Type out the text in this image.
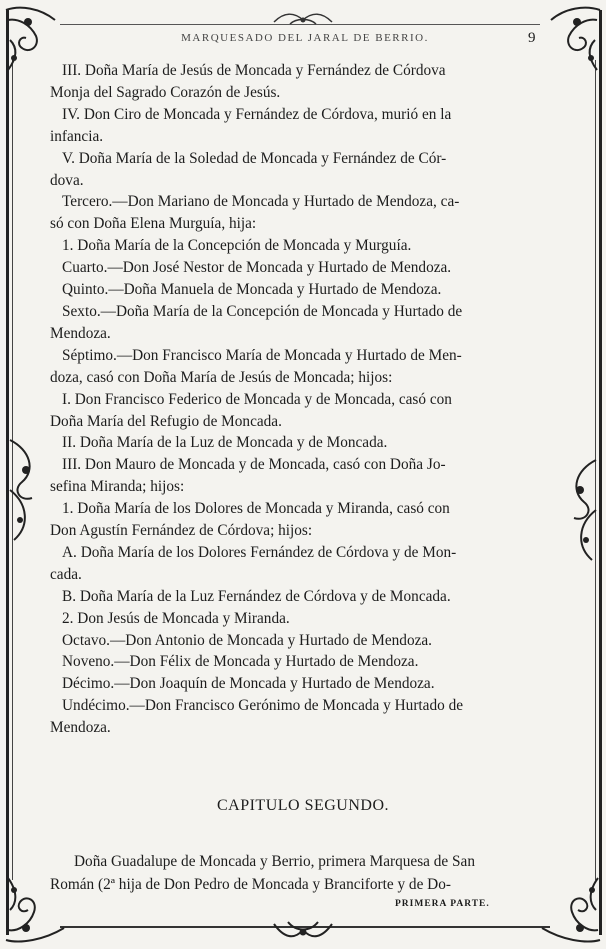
MARQUESADO DEL JARAL DE BERRIO.	9

III. Doña María de Jesús de Moncada y Fernández de Córdova

Monja del Sagrado Corazón de Jesús.

IV. Don Ciro de Moncada y Fernández de Córdova, murió en la

infancia.

V. Doña María de la Soledad de Moncada y Fernández de Cór-

dova.

Tercero.—Don Mariano de Moncada y Hurtado de Mendoza, ca-

só con Doña Elena Murguía, hija:

1. Doña María de la Concepción de Moncada y Murguía.

Cuarto.—Don José Nestor de Moncada y Hurtado de Mendoza.

Quinto.—Doña Manuela de Moncada y Hurtado de Mendoza.

Sexto.—Doña María de la Concepción de Moncada y Hurtado de

Mendoza.

Séptimo.—Don Francisco María de Moncada y Hurtado de Men-

doza, casó con Doña María de Jesús de Moncada; hijos:

I. Don Francisco Federico de Moncada y de Moncada, casó con

Doña María del Refugio de Moncada.

II. Doña María de la Luz de Moncada y de Moncada.

III. Don Mauro de Moncada y de Moncada, casó con Doña Jo-

sefina Miranda; hijos:

1. Doña María de los Dolores de Moncada y Miranda, casó con

Don Agustín Fernández de Córdova; hijos:

A. Doña María de los Dolores Fernández de Córdova y de Mon-

cada.

B. Doña María de la Luz Fernández de Córdova y de Moncada.

2. Don Jesús de Moncada y Miranda.

Octavo.—Don Antonio de Moncada y Hurtado de Mendoza.

Noveno.—Don Félix de Moncada y Hurtado de Mendoza.

Décimo.—Don Joaquín de Moncada y Hurtado de Mendoza.

Undécimo.—Don Francisco Gerónimo de Moncada y Hurtado de

Mendoza.

CAPITULO SEGUNDO.

Doña Guadalupe de Moncada y Berrio, primera Marquesa de San

Román (2ª hija de Don Pedro de Moncada y Branciforte y de Do-

PRIMERA PARTE.
